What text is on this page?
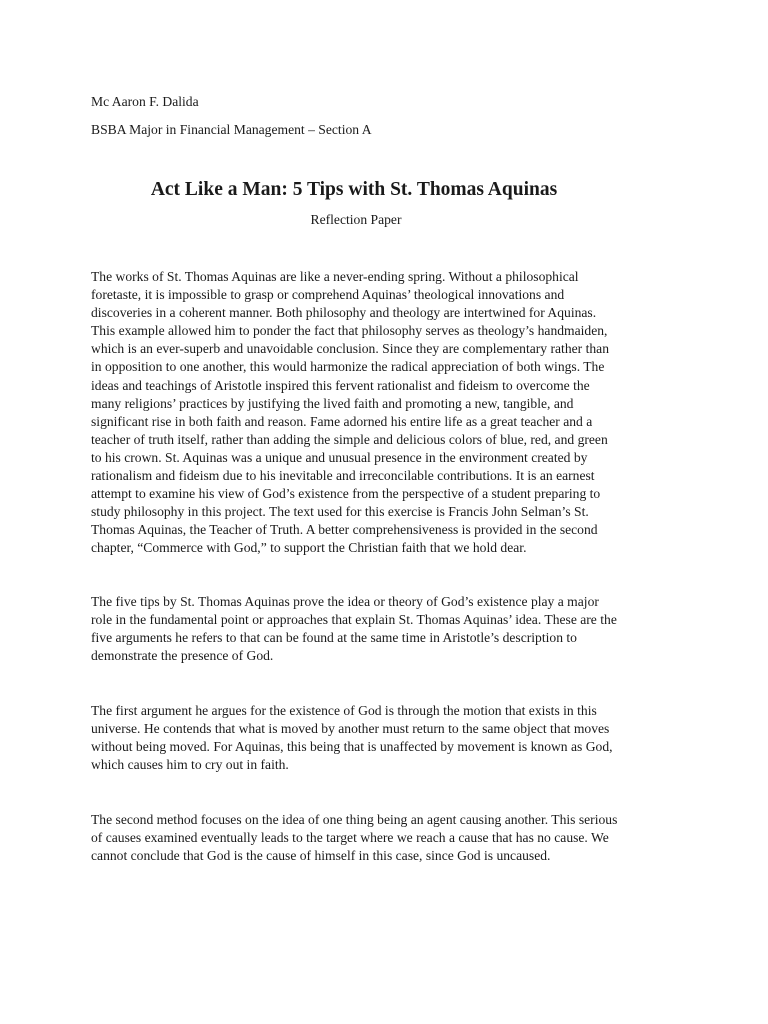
Mc Aaron F. Dalida
BSBA Major in Financial Management – Section A
Act Like a Man: 5 Tips with St. Thomas Aquinas
Reflection Paper

The works of St. Thomas Aquinas are like a never-ending spring. Without a philosophical
foretaste, it is impossible to grasp or comprehend Aquinas’ theological innovations and
discoveries in a coherent manner. Both philosophy and theology are intertwined for Aquinas.
This example allowed him to ponder the fact that philosophy serves as theology’s handmaiden,
which is an ever-superb and unavoidable conclusion. Since they are complementary rather than
in opposition to one another, this would harmonize the radical appreciation of both wings. The
ideas and teachings of Aristotle inspired this fervent rationalist and fideism to overcome the
many religions’ practices by justifying the lived faith and promoting a new, tangible, and
significant rise in both faith and reason. Fame adorned his entire life as a great teacher and a
teacher of truth itself, rather than adding the simple and delicious colors of blue, red, and green
to his crown. St. Aquinas was a unique and unusual presence in the environment created by
rationalism and fideism due to his inevitable and irreconcilable contributions. It is an earnest
attempt to examine his view of God’s existence from the perspective of a student preparing to
study philosophy in this project. The text used for this exercise is Francis John Selman’s St.
Thomas Aquinas, the Teacher of Truth. A better comprehensiveness is provided in the second
chapter, “Commerce with God,” to support the Christian faith that we hold dear.

The five tips by St. Thomas Aquinas prove the idea or theory of God’s existence play a major
role in the fundamental point or approaches that explain St. Thomas Aquinas’ idea. These are the
five arguments he refers to that can be found at the same time in Aristotle’s description to
demonstrate the presence of God.

The first argument he argues for the existence of God is through the motion that exists in this
universe. He contends that what is moved by another must return to the same object that moves
without being moved. For Aquinas, this being that is unaffected by movement is known as God,
which causes him to cry out in faith.

The second method focuses on the idea of one thing being an agent causing another. This serious
of causes examined eventually leads to the target where we reach a cause that has no cause. We
cannot conclude that God is the cause of himself in this case, since God is uncaused.
